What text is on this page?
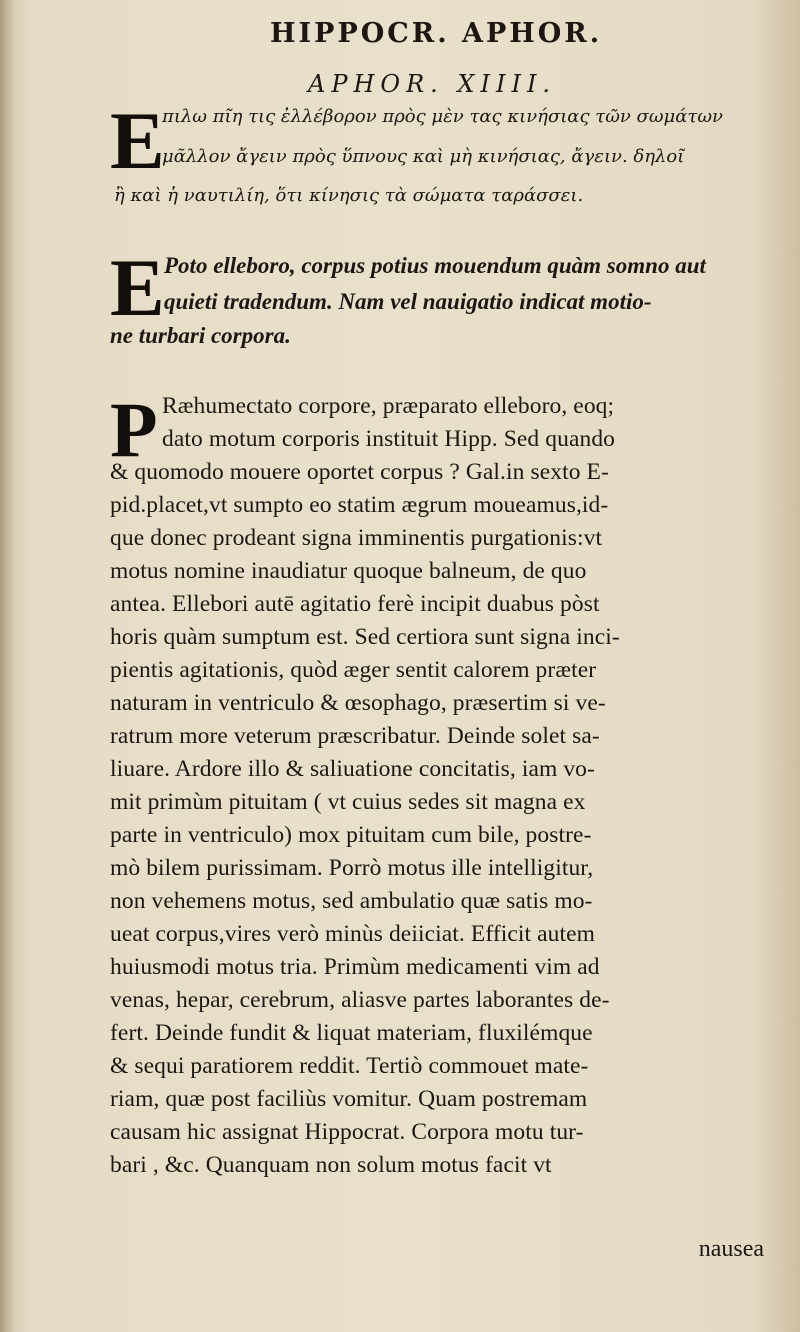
HIPPOCR. APHOR.
APHOR. XIIII.
E
πιλω πῖη τις ἐλλέβορον πρὸς μὲν τας κινήσιας τῶν σωμάτων
μᾶλλον ἄγειν πρὸς ὕπνους καὶ μὴ κινήσιας, ἄγειν. δηλοῖ
ἢ καὶ ἡ ναυτιλίη, ὅτι κίνησις τὰ σώματα ταράσσει.
E Poto elleboro, corpus potius mouendum quàm somno aut
quieti tradendum. Nam vel nauigatio indicat motio-
ne turbari corpora.
P Ræhumectato corpore, præparato elleboro, eoq;
dato motum corporis instituit Hipp. Sed quando
& quomodo mouere oportet corpus ? Gal.in sexto E-
pid.placet,vt sumpto eo statim ægrum moueamus,id-
que donec prodeant signa imminentis purgationis:vt
motus nomine inaudiatur quoque balneum, de quo
antea. Ellebori autē agitatio ferè incipit duabus pòst
horis quàm sumptum est. Sed certiora sunt signa inci-
pientis agitationis, quòd æger sentit calorem præter
naturam in ventriculo & œsophago, præsertim si ve-
ratrum more veterum præscribatur. Deinde solet sa-
liuare. Ardore illo & saliuatione concitatis, iam vo-
mit primùm pituitam ( vt cuius sedes sit magna ex
parte in ventriculo) mox pituitam cum bile, postre-
mò bilem purissimam. Porrò motus ille intelligitur,
non vehemens motus, sed ambulatio quæ satis mo-
ueat corpus,vires verò minùs deiiciat. Efficit autem
huiusmodi motus tria. Primùm medicamenti vim ad
venas, hepar, cerebrum, aliasve partes laborantes de-
fert. Deinde fundit & liquat materiam, fluxilémque
& sequi paratiorem reddit. Tertiò commouet mate-
riam, quæ post faciliùs vomitur. Quam postremam
causam hic assignat Hippocrat. Corpora motu tur-
bari , &c. Quanquam non solum motus facit vt
nausea
